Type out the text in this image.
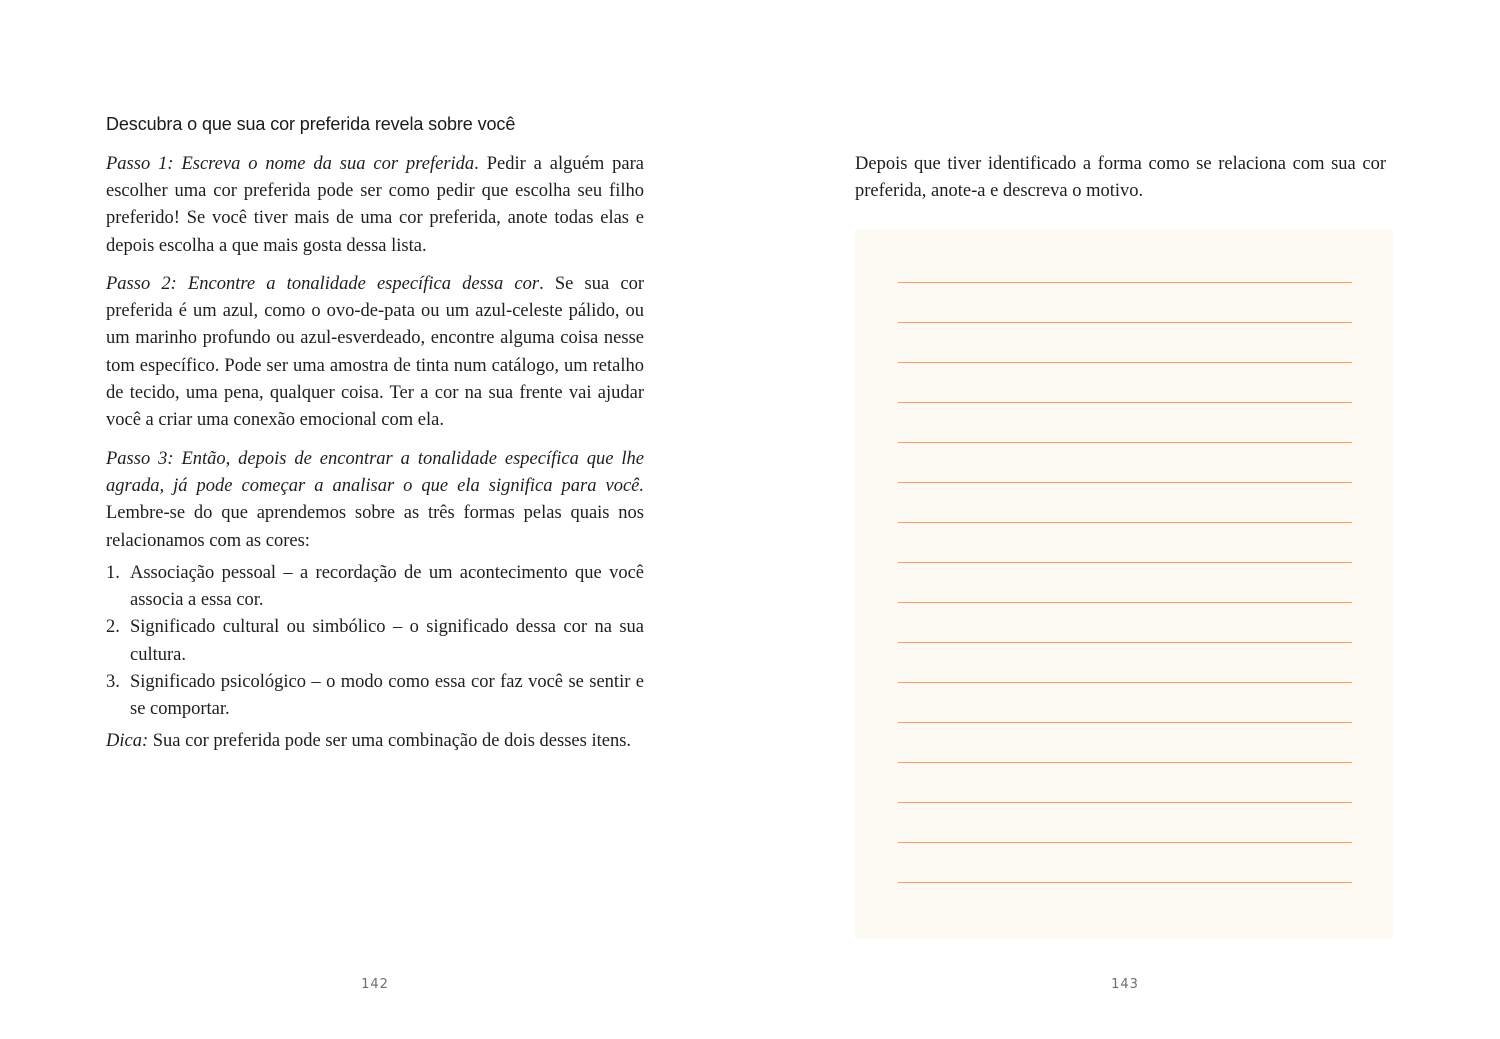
Descubra o que sua cor preferida revela sobre você

Passo 1: Escreva o nome da sua cor preferida. Pedir a alguém para escolher uma cor preferida pode ser como pedir que escolha seu filho preferido! Se você tiver mais de uma cor preferida, anote todas elas e depois escolha a que mais gosta dessa lista.

Passo 2: Encontre a tonalidade específica dessa cor. Se sua cor preferida é um azul, como o ovo-de-pata ou um azul-celeste pálido, ou um marinho profundo ou azul-esverdeado, encontre alguma coisa nesse tom específico. Pode ser uma amostra de tinta num catálogo, um retalho de tecido, uma pena, qualquer coisa. Ter a cor na sua frente vai ajudar você a criar uma conexão emocional com ela.

Passo 3: Então, depois de encontrar a tonalidade específica que lhe agrada, já pode começar a analisar o que ela significa para você. Lembre-se do que aprendemos sobre as três formas pelas quais nos relacionamos com as cores:

1. Associação pessoal – a recordação de um acontecimento que você associa a essa cor.
2. Significado cultural ou simbólico – o significado dessa cor na sua cultura.
3. Significado psicológico – o modo como essa cor faz você se sentir e se comportar.

Dica: Sua cor preferida pode ser uma combinação de dois desses itens.

142

Depois que tiver identificado a forma como se relaciona com sua cor preferida, anote-a e descreva o motivo.

143
